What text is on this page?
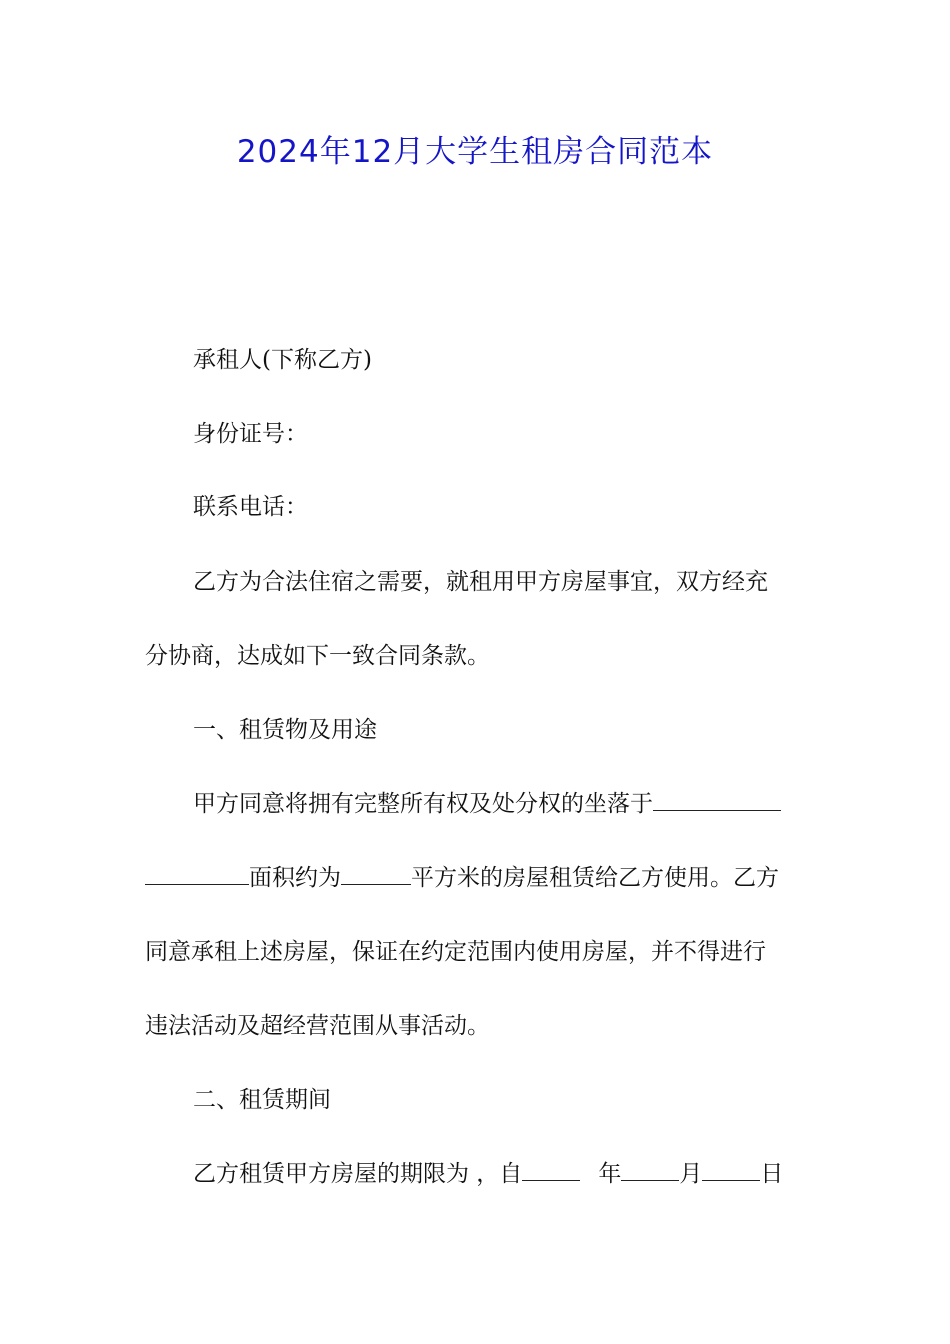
2024年12月大学生租房合同范本

承租人(下称乙方)

身份证号：

联系电话：

乙方为合法住宿之需要，就租用甲方房屋事宜，双方经充

分协商，达成如下一致合同条款。

一、租赁物及用途

甲方同意将拥有完整所有权及处分权的坐落于

面积约为	平方米的房屋租赁给乙方使用。乙方

同意承租上述房屋，保证在约定范围内使用房屋，并不得进行

违法活动及超经营范围从事活动。

二、租赁期间

乙方租赁甲方房屋的期限为 ，自	年	月	日
